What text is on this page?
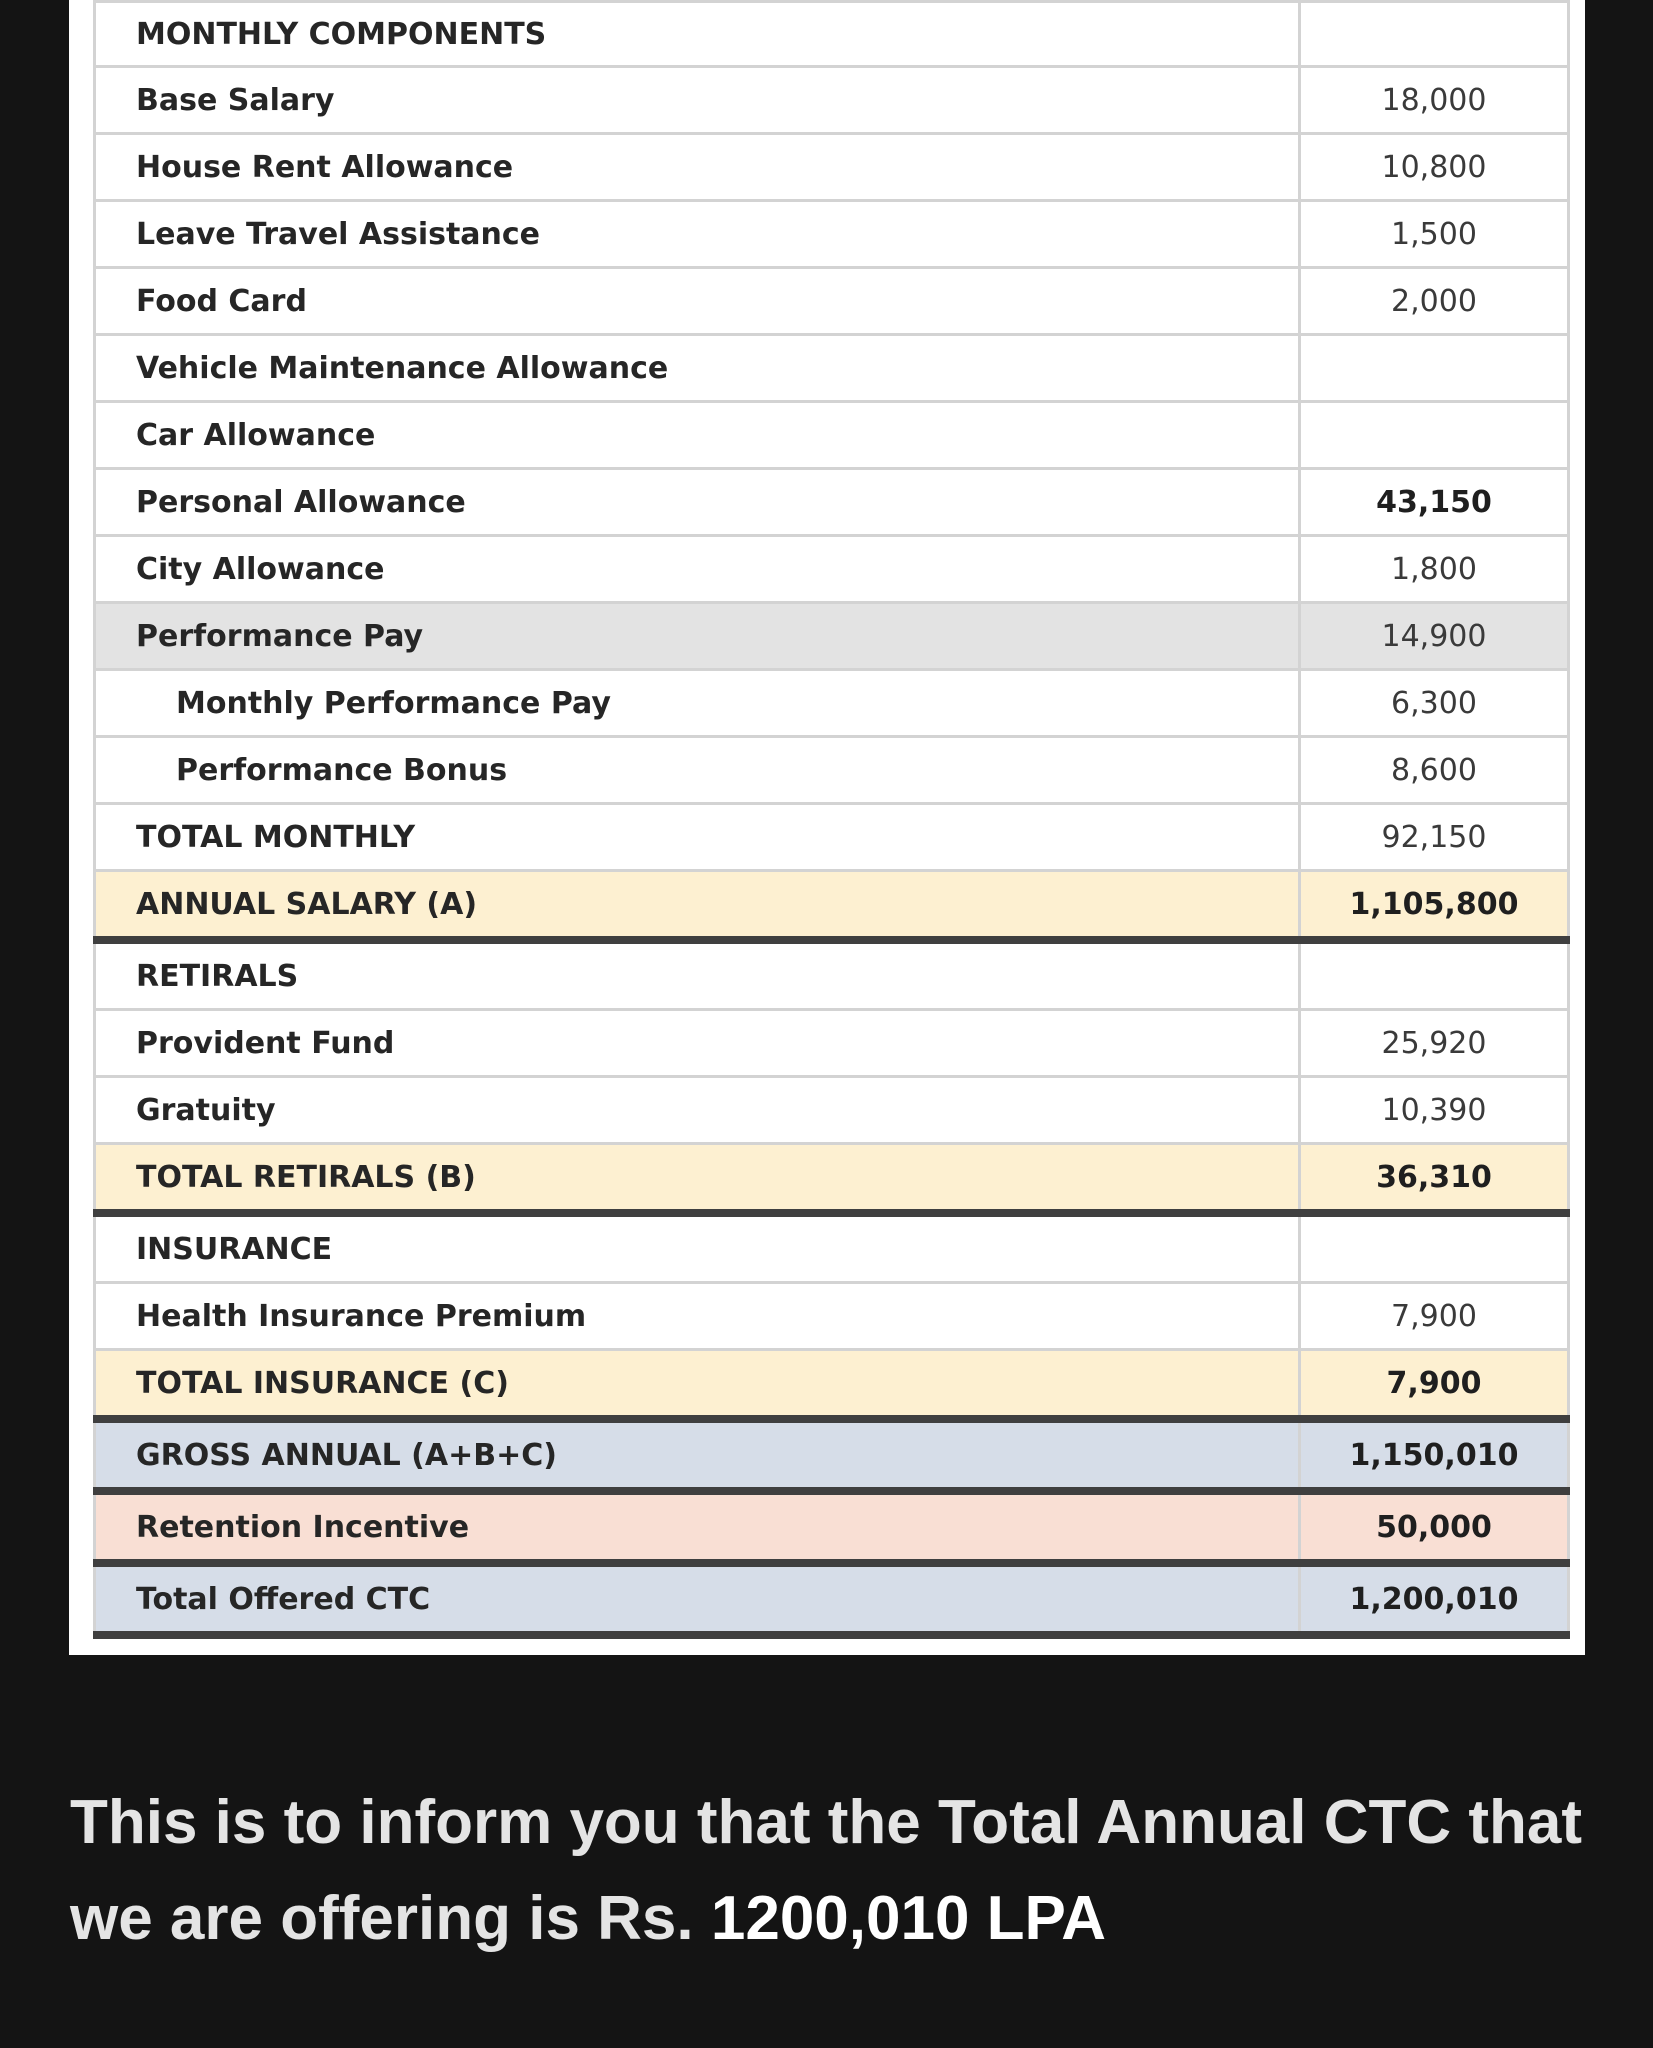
MONTHLY COMPONENTS	
Base Salary	18,000
House Rent Allowance	10,800
Leave Travel Assistance	1,500
Food Card	2,000
Vehicle Maintenance Allowance	
Car Allowance	
Personal Allowance	43,150
City Allowance	1,800
Performance Pay	14,900
Monthly Performance Pay	6,300
Performance Bonus	8,600
TOTAL MONTHLY	92,150
ANNUAL SALARY (A)	1,105,800
RETIRALS	
Provident Fund	25,920
Gratuity	10,390
TOTAL RETIRALS (B)	36,310
INSURANCE	
Health Insurance Premium	7,900
TOTAL INSURANCE (C)	7,900
GROSS ANNUAL (A+B+C)	1,150,010
Retention Incentive	50,000
Total Offered CTC	1,200,010

This is to inform you that the Total Annual CTC that we are offering is Rs. 1200,010 LPA
